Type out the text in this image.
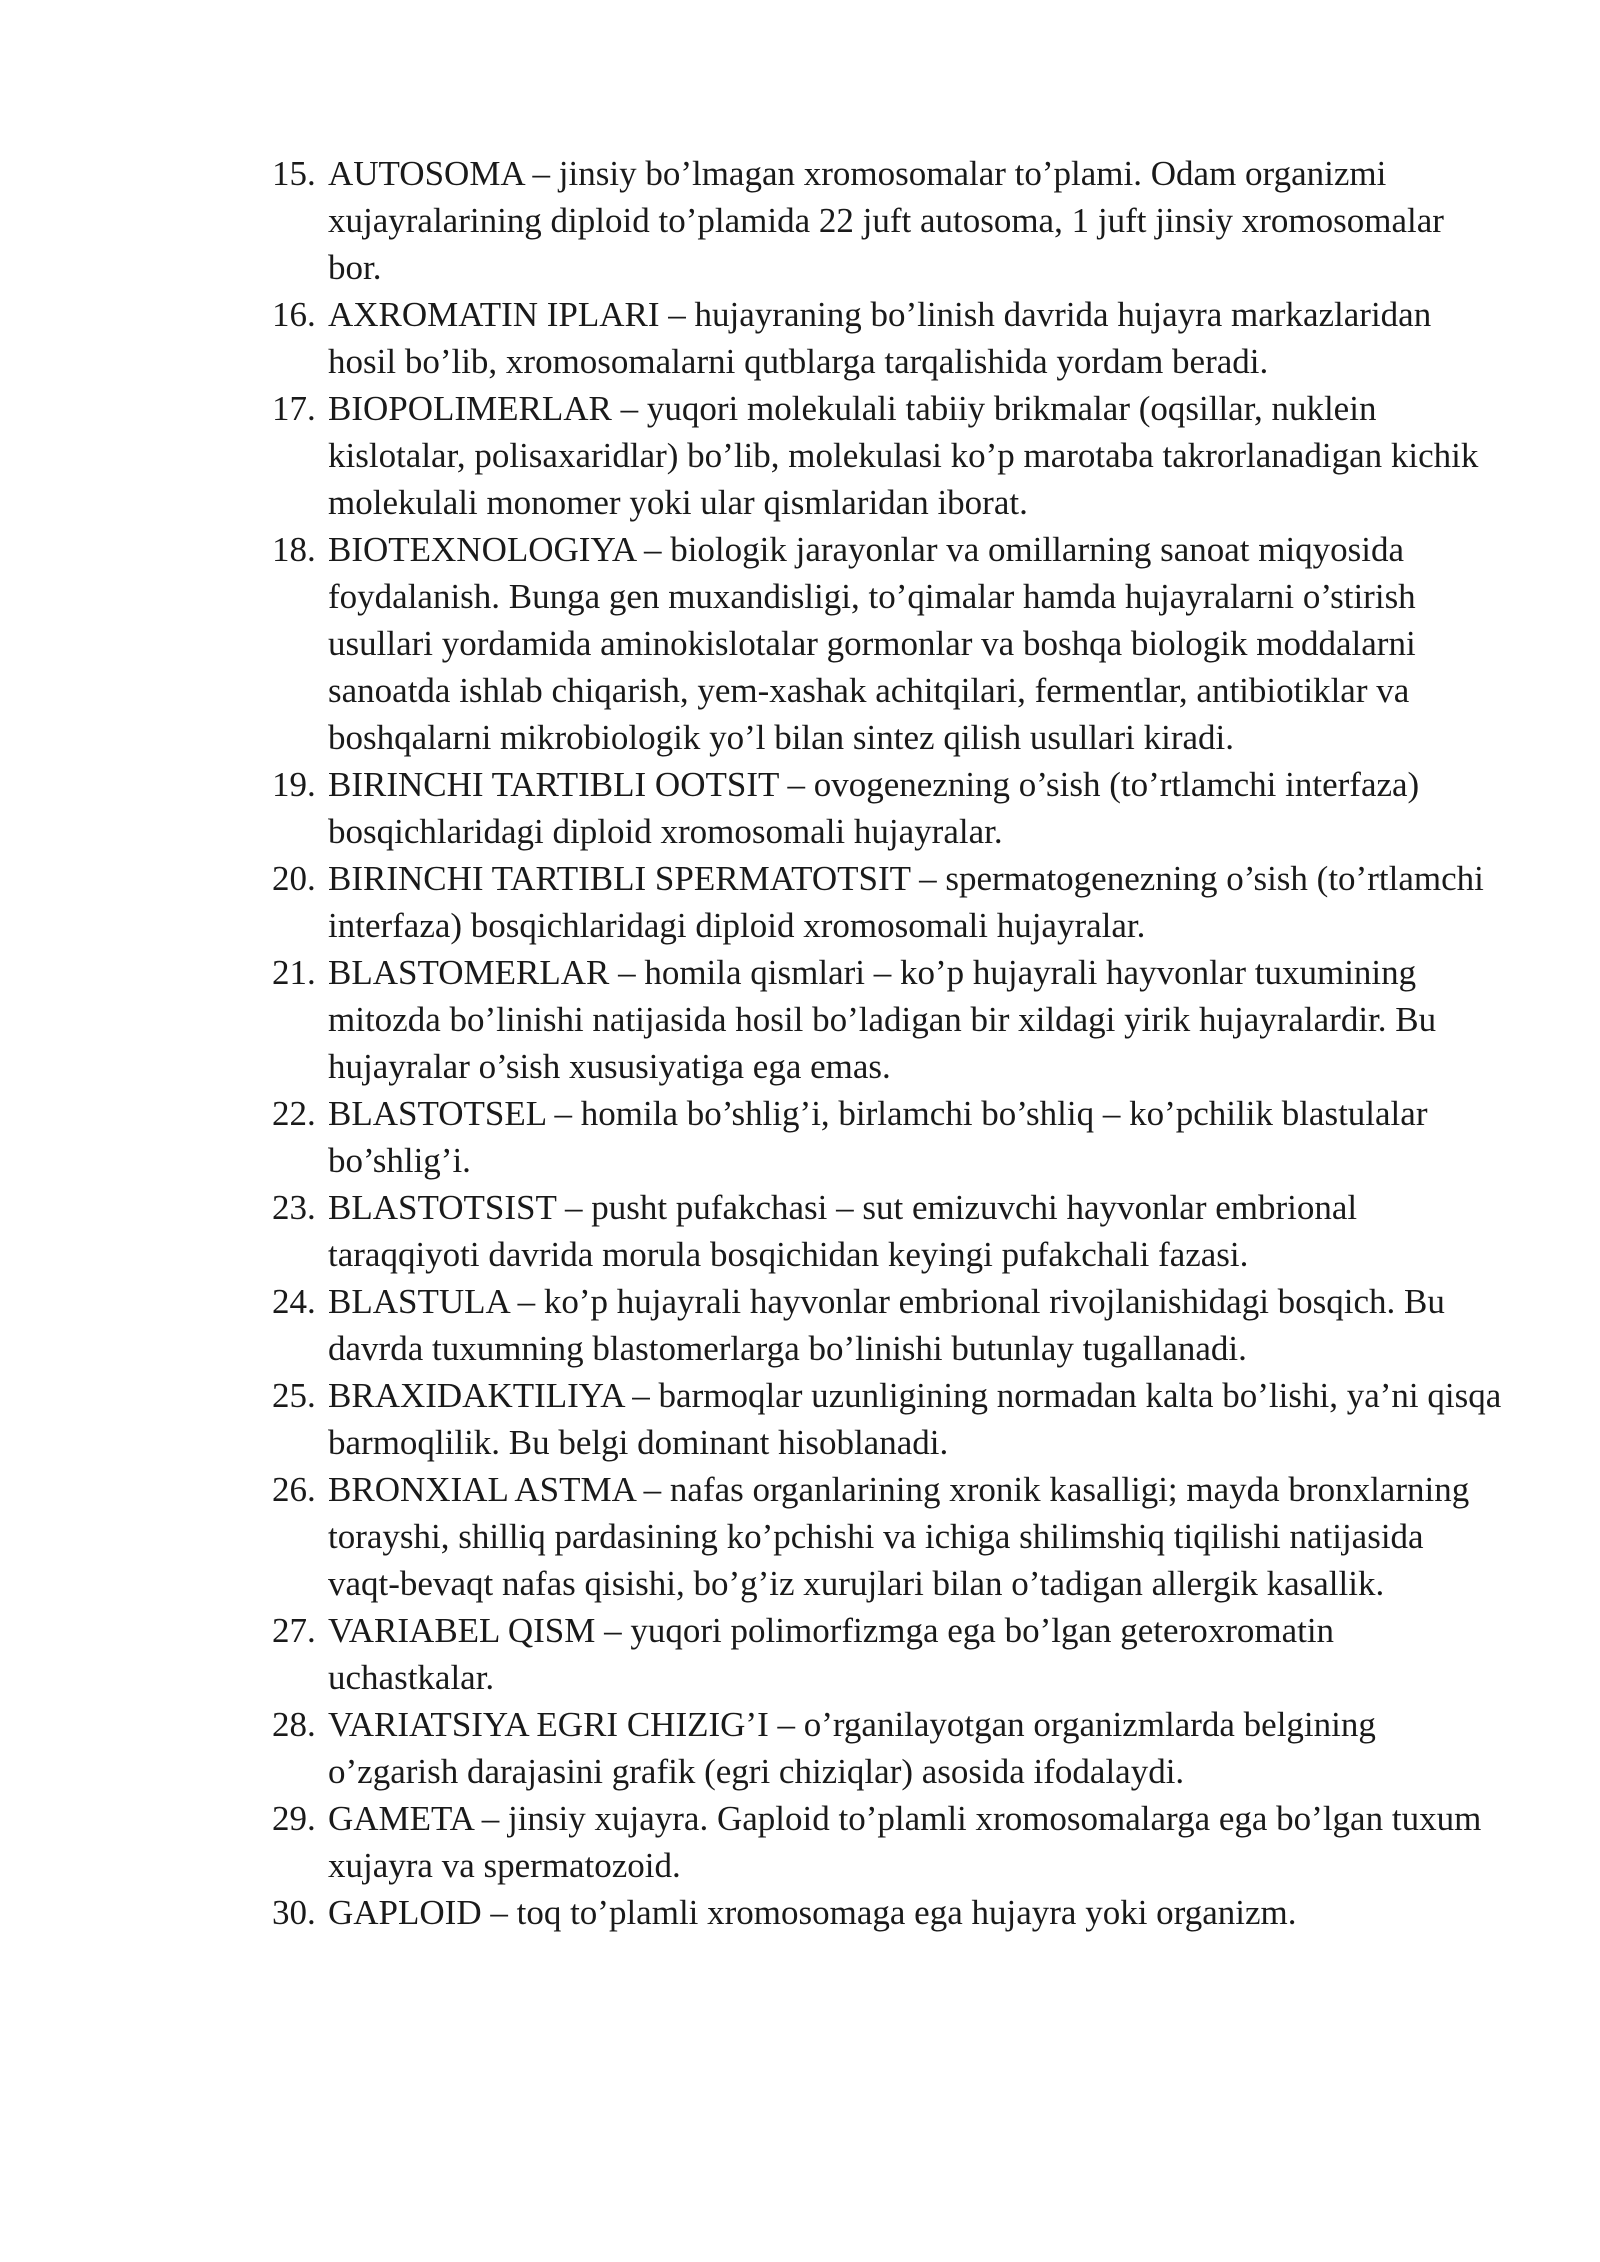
15. AUTOSOMA – jinsiy bo’lmagan xromosomalar to’plami. Odam organizmi xujayralarining diploid to’plamida 22 juft autosoma, 1 juft jinsiy xromosomalar bor.
16. AXROMATIN IPLARI – hujayraning bo’linish davrida hujayra markazlaridan hosil bo’lib, xromosomalarni qutblarga tarqalishida yordam beradi.
17. BIOPOLIMERLAR – yuqori molekulali tabiiy brikmalar (oqsillar, nuklein kislotalar, polisaxaridlar) bo’lib, molekulasi ko’p marotaba takrorlanadigan kichik molekulali monomer yoki ular qismlaridan iborat.
18. BIOTEXNOLOGIYA – biologik jarayonlar va omillarning sanoat miqyosida foydalanish. Bunga gen muxandisligi, to’qimalar hamda hujayralarni o’stirish usullari yordamida aminokislotalar gormonlar va boshqa biologik moddalarni sanoatda ishlab chiqarish, yem-xashak achitqilari, fermentlar, antibiotiklar va boshqalarni mikrobiologik yo’l bilan sintez qilish usullari kiradi.
19. BIRINCHI TARTIBLI OOTSIT – ovogenezning o’sish (to’rtlamchi interfaza) bosqichlaridagi diploid xromosomali hujayralar.
20. BIRINCHI TARTIBLI SPERMATOTSIT – spermatogenezning o’sish (to’rtlamchi interfaza) bosqichlaridagi diploid xromosomali hujayralar.
21. BLASTOMERLAR – homila qismlari – ko’p hujayrali hayvonlar tuxumining mitozda bo’linishi natijasida hosil bo’ladigan bir xildagi yirik hujayralardir. Bu hujayralar o’sish xususiyatiga ega emas.
22. BLASTOTSEL – homila bo’shlig’i, birlamchi bo’shliq – ko’pchilik blastulalar bo’shlig’i.
23. BLASTOTSIST – pusht pufakchasi – sut emizuvchi hayvonlar embrional taraqqiyoti davrida morula bosqichidan keyingi pufakchali fazasi.
24. BLASTULA – ko’p hujayrali hayvonlar embrional rivojlanishidagi bosqich. Bu davrda tuxumning blastomerlarga bo’linishi butunlay tugallanadi.
25. BRAXIDAKTILIYA – barmoqlar uzunligining normadan kalta bo’lishi, ya’ni qisqa barmoqlilik. Bu belgi dominant hisoblanadi.
26. BRONXIAL ASTMA – nafas organlarining xronik kasalligi; mayda bronxlarning torayshi, shilliq pardasining ko’pchishi va ichiga shilimshiq tiqilishi natijasida vaqt-bevaqt nafas qisishi, bo’g’iz xurujlari bilan o’tadigan allergik kasallik.
27. VARIABEL QISM – yuqori polimorfizmga ega bo’lgan geteroxromatin uchastkalar.
28. VARIATSIYA EGRI CHIZIG’I – o’rganilayotgan organizmlarda belgining o’zgarish darajasini grafik (egri chiziqlar) asosida ifodalaydi.
29. GAMETA – jinsiy xujayra. Gaploid to’plamli xromosomalarga ega bo’lgan tuxum xujayra va spermatozoid.
30. GAPLOID – toq to’plamli xromosomaga ega hujayra yoki organizm.
